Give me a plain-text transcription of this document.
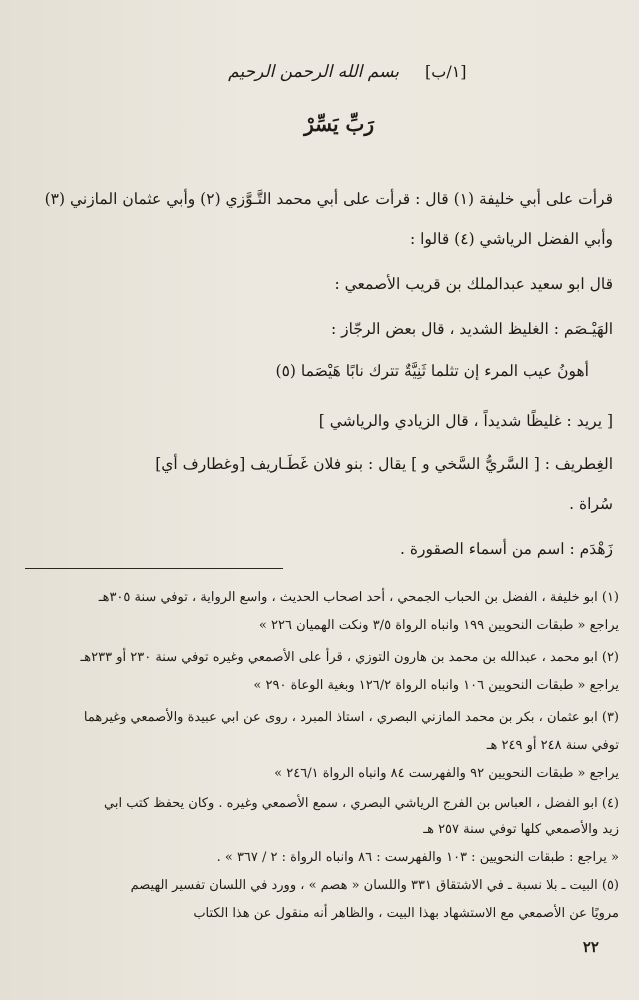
[١/ب]
بسم الله الرحمن الرحيم
رَبِّ يَسِّرْ
قرأت على أبي خليفة (١) قال : قرأت على أبي محمد التَّـوَّزي (٢) وأبي عثمان المازني (٣)
وأبي الفضل الرياشي (٤) قالوا :
قال ابو سعيد عبدالملك بن قريب الأصمعي :
الهَيْـصَم : الغليظ الشديد ، قال بعض الرجّاز :
أهونُ عيب المرء إن تثلما ثَنِيَّةٌ تترك نابًا هَيْصَما (٥)
[ يريد : غليظًا شديداً ، قال الزيادي والرياشي ]
الغِطريف : [ السَّريُّ السَّخي و ] يقال : بنو فلان غَطَـاريف [وغطارف أي]
سُراة .
زَهْدَم : اسم من أسماء الصقورة .
(١) ابو خليفة ، الفضل بن الحباب الجمحي ، أحد اصحاب الحديث ، واسع الرواية ، توفي سنة ٣٠٥هـ
يراجع « طبقات النحويين ١٩٩ وانباه الرواة ٣/٥ ونكت الهميان ٢٢٦ »
(٢) ابو محمد ، عبدالله بن محمد بن هارون التوزي ، قرأ على الأصمعي وغيره توفي سنة ٢٣٠ أو ٢٣٣هـ
يراجع « طبقات النحويين ١٠٦ وانباه الرواة ١٢٦/٢ وبغية الوعاة ٢٩٠ »
(٣) ابو عثمان ، بكر بن محمد المازني البصري ، استاذ المبرد ، روى عن ابي عبيدة والأصمعي وغيرهما
توفي سنة ٢٤٨ أو ٢٤٩ هـ
يراجع « طبقات النحويين ٩٢ والفهرست ٨٤ وانباه الرواة ٢٤٦/١ »
(٤) ابو الفضل ، العباس بن الفرج الرياشي البصري ، سمع الأصمعي وغيره . وكان يحفظ كتب ابي
زيد والأصمعي كلها توفي سنة ٢٥٧ هـ
« يراجع : طبقات النحويين : ١٠٣ والفهرست : ٨٦ وانباه الرواة : ٢ / ٣٦٧ » .
(٥) البيت ـ بلا نسبة ـ في الاشتقاق ٣٣١ واللسان « هصم » ، وورد في اللسان تفسير الهيصم
مرويًا عن الأصمعي مع الاستشهاد بهذا البيت ، والظاهر أنه منقول عن هذا الكتاب
٢٢
